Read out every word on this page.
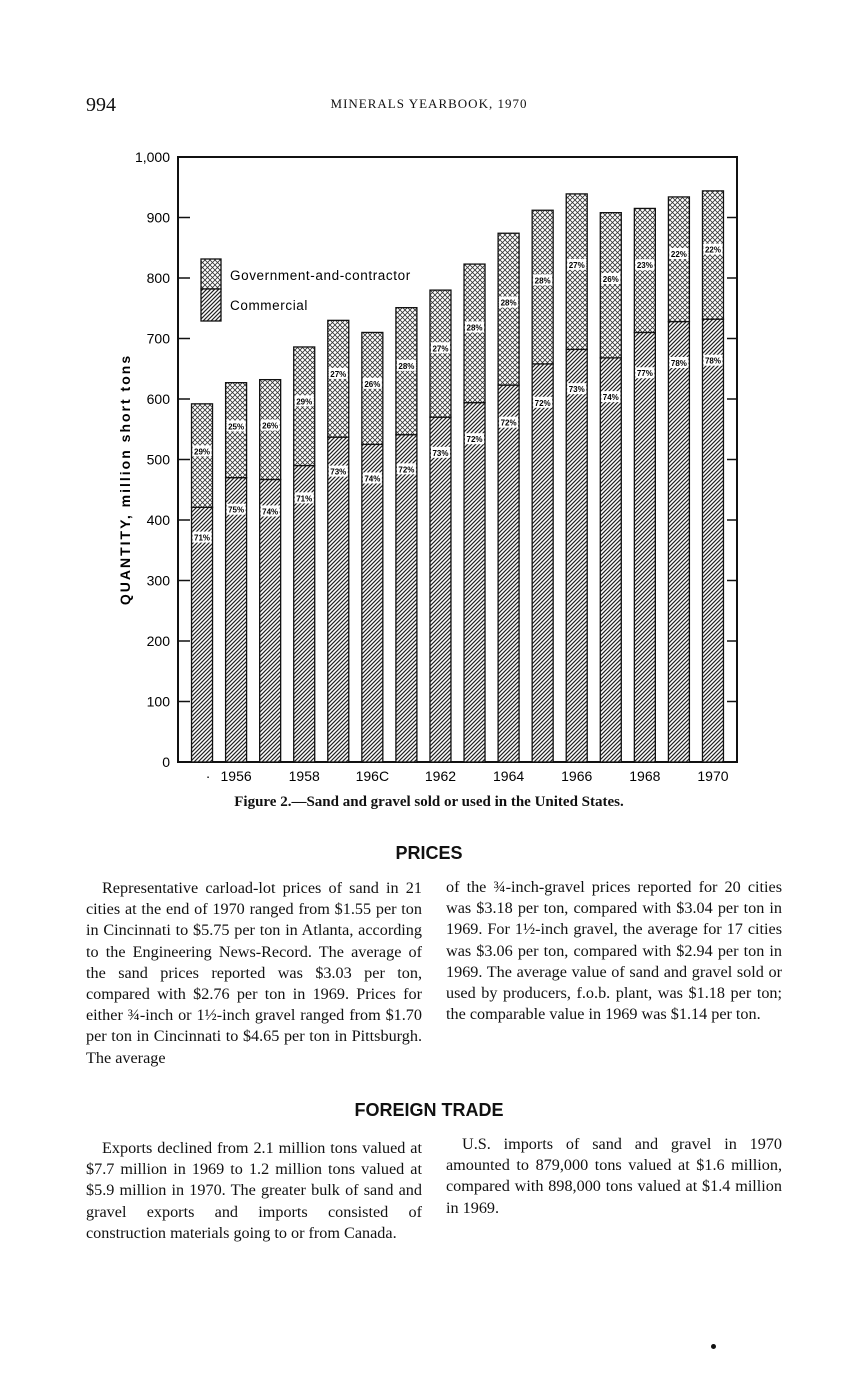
994	MINERALS YEARBOOK, 1970
0
100
200
300
400
500
600
700
800
900
1,000
QUANTITY, million short tons
1956	1958	196C	1962	1964	1966	1968	1970
·
71%
29%
75%
25%
74%
26%
71%
29%
73%
27%
74%
26%
72%
28%
73%
27%
72%
28%
72%
28%
72%
28%
73%
27%
74%
26%
77%
23%
78%
22%
78%
22%
Government-and-contractor
Commercial
Figure 2.—Sand and gravel sold or used in the United States.
PRICES

Representative carload-lot prices of sand in 21 cities at the end of 1970 ranged from $1.55 per ton in Cincinnati to $5.75 per ton in Atlanta, according to the Engineering News-Record. The average of the sand prices reported was $3.03 per ton, compared with $2.76 per ton in 1969. Prices for either ¾-inch or 1½-inch gravel ranged from $1.70 per ton in Cincinnati to $4.65 per ton in Pittsburgh. The average

of the ¾-inch-gravel prices reported for 20 cities was $3.18 per ton, compared with $3.04 per ton in 1969. For 1½-inch gravel, the average for 17 cities was $3.06 per ton, compared with $2.94 per ton in 1969. The average value of sand and gravel sold or used by producers, f.o.b. plant, was $1.18 per ton; the comparable value in 1969 was $1.14 per ton.

FOREIGN TRADE

Exports declined from 2.1 million tons valued at $7.7 million in 1969 to 1.2 million tons valued at $5.9 million in 1970. The greater bulk of sand and gravel exports and imports consisted of construction materials going to or from Canada.

U.S. imports of sand and gravel in 1970 amounted to 879,000 tons valued at $1.6 million, compared with 898,000 tons valued at $1.4 million in 1969.
